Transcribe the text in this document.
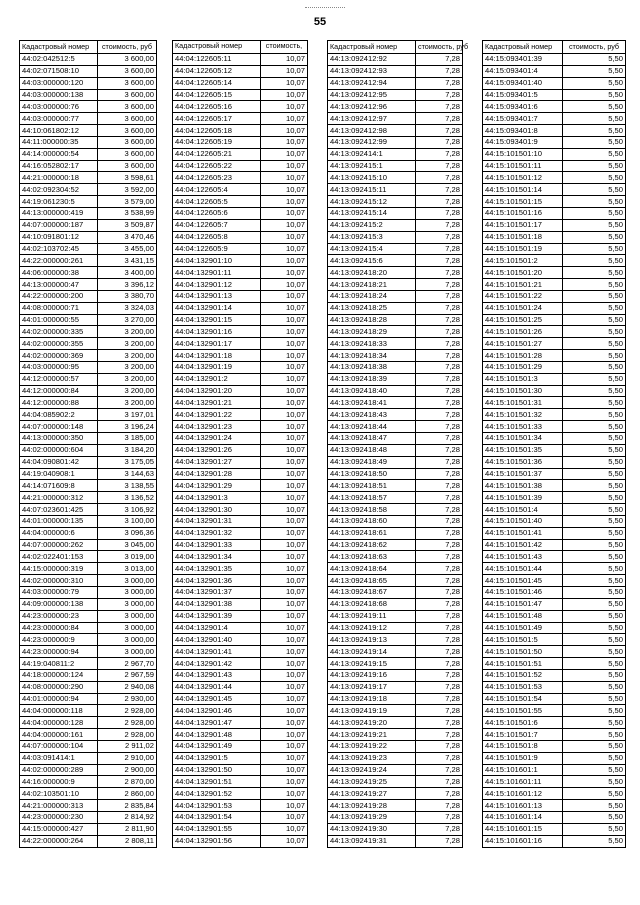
55
Кадастровый номер	стоимость, руб
44:02:042512:5	3 600,00
44:02:071508:10	3 600,00
44:03:000000:120	3 600,00
44:03:000000:138	3 600,00
44:03:000000:76	3 600,00
44:03:000000:77	3 600,00
44:10:061802:12	3 600,00
44:11:000000:35	3 600,00
44:14:000000:54	3 600,00
44:16:052802:17	3 600,00
44:21:000000:18	3 598,61
44:02:092304:52	3 592,00
44:19:061230:5	3 579,00
44:13:000000:419	3 538,99
44:07:000000:187	3 509,87
44:10:091801:12	3 470,46
44:02:103702:45	3 455,00
44:22:000000:261	3 431,15
44:06:000000:38	3 400,00
44:13:000000:47	3 396,12
44:22:000000:200	3 380,70
44:08:000000:71	3 324,03
44:01:000000:55	3 270,00
44:02:000000:335	3 200,00
44:02:000000:355	3 200,00
44:02:000000:369	3 200,00
44:03:000000:95	3 200,00
44:12:000000:57	3 200,00
44:12:000000:84	3 200,00
44:12:000000:88	3 200,00
44:04:085902:2	3 197,01
44:07:000000:148	3 196,24
44:13:000000:350	3 185,00
44:02:000000:604	3 184,20
44:04:090801:42	3 175,05
44:19:040908:1	3 144,63
44:14:071609:8	3 138,55
44:21:000000:312	3 136,52
44:07:023601:425	3 106,92
44:01:000000:135	3 100,00
44:04:000000:6	3 096,36
44:07:000000:262	3 045,00
44:02:022401:153	3 019,00
44:15:000000:319	3 013,00
44:02:000000:310	3 000,00
44:03:000000:79	3 000,00
44:09:000000:138	3 000,00
44:23:000000:23	3 000,00
44:23:000000:84	3 000,00
44:23:000000:9	3 000,00
44:23:000000:94	3 000,00
44:19:040811:2	2 967,70
44:18:000000:124	2 967,59
44:08:000000:290	2 940,08
44:01:000000:94	2 930,00
44:04:000000:118	2 928,00
44:04:000000:128	2 928,00
44:04:000000:161	2 928,00
44:07:000000:104	2 911,02
44:03:091414:1	2 910,00
44:02:000000:289	2 900,00
44:16:000000:9	2 870,00
44:02:103501:10	2 860,00
44:21:000000:313	2 835,84
44:23:000000:230	2 814,92
44:15:000000:427	2 811,90
44:22:000000:264	2 808,11
Кадастровый номер	стоимость,
44:04:122605:11	10,07
44:04:122605:12	10,07
44:04:122605:14	10,07
44:04:122605:15	10,07
44:04:122605:16	10,07
44:04:122605:17	10,07
44:04:122605:18	10,07
44:04:122605:19	10,07
44:04:122605:21	10,07
44:04:122605:22	10,07
44:04:122605:23	10,07
44:04:122605:4	10,07
44:04:122605:5	10,07
44:04:122605:6	10,07
44:04:122605:7	10,07
44:04:122605:8	10,07
44:04:122605:9	10,07
44:04:132901:10	10,07
44:04:132901:11	10,07
44:04:132901:12	10,07
44:04:132901:13	10,07
44:04:132901:14	10,07
44:04:132901:15	10,07
44:04:132901:16	10,07
44:04:132901:17	10,07
44:04:132901:18	10,07
44:04:132901:19	10,07
44:04:132901:2	10,07
44:04:132901:20	10,07
44:04:132901:21	10,07
44:04:132901:22	10,07
44:04:132901:23	10,07
44:04:132901:24	10,07
44:04:132901:26	10,07
44:04:132901:27	10,07
44:04:132901:28	10,07
44:04:132901:29	10,07
44:04:132901:3	10,07
44:04:132901:30	10,07
44:04:132901:31	10,07
44:04:132901:32	10,07
44:04:132901:33	10,07
44:04:132901:34	10,07
44:04:132901:35	10,07
44:04:132901:36	10,07
44:04:132901:37	10,07
44:04:132901:38	10,07
44:04:132901:39	10,07
44:04:132901:4	10,07
44:04:132901:40	10,07
44:04:132901:41	10,07
44:04:132901:42	10,07
44:04:132901:43	10,07
44:04:132901:44	10,07
44:04:132901:45	10,07
44:04:132901:46	10,07
44:04:132901:47	10,07
44:04:132901:48	10,07
44:04:132901:49	10,07
44:04:132901:5	10,07
44:04:132901:50	10,07
44:04:132901:51	10,07
44:04:132901:52	10,07
44:04:132901:53	10,07
44:04:132901:54	10,07
44:04:132901:55	10,07
44:04:132901:56	10,07
Кадастровый номер	стоимость, руб
44:13:092412:92	7,28
44:13:092412:93	7,28
44:13:092412:94	7,28
44:13:092412:95	7,28
44:13:092412:96	7,28
44:13:092412:97	7,28
44:13:092412:98	7,28
44:13:092412:99	7,28
44:13:092414:1	7,28
44:13:092415:1	7,28
44:13:092415:10	7,28
44:13:092415:11	7,28
44:13:092415:12	7,28
44:13:092415:14	7,28
44:13:092415:2	7,28
44:13:092415:3	7,28
44:13:092415:4	7,28
44:13:092415:6	7,28
44:13:092418:20	7,28
44:13:092418:21	7,28
44:13:092418:24	7,28
44:13:092418:25	7,28
44:13:092418:28	7,28
44:13:092418:29	7,28
44:13:092418:33	7,28
44:13:092418:34	7,28
44:13:092418:38	7,28
44:13:092418:39	7,28
44:13:092418:40	7,28
44:13:092418:41	7,28
44:13:092418:43	7,28
44:13:092418:44	7,28
44:13:092418:47	7,28
44:13:092418:48	7,28
44:13:092418:49	7,28
44:13:092418:50	7,28
44:13:092418:51	7,28
44:13:092418:57	7,28
44:13:092418:58	7,28
44:13:092418:60	7,28
44:13:092418:61	7,28
44:13:092418:62	7,28
44:13:092418:63	7,28
44:13:092418:64	7,28
44:13:092418:65	7,28
44:13:092418:67	7,28
44:13:092418:68	7,28
44:13:092419:11	7,28
44:13:092419:12	7,28
44:13:092419:13	7,28
44:13:092419:14	7,28
44:13:092419:15	7,28
44:13:092419:16	7,28
44:13:092419:17	7,28
44:13:092419:18	7,28
44:13:092419:19	7,28
44:13:092419:20	7,28
44:13:092419:21	7,28
44:13:092419:22	7,28
44:13:092419:23	7,28
44:13:092419:24	7,28
44:13:092419:25	7,28
44:13:092419:27	7,28
44:13:092419:28	7,28
44:13:092419:29	7,28
44:13:092419:30	7,28
44:13:092419:31	7,28
Кадастровый номер	стоимость, руб
44:15:093401:39	5,50
44:15:093401:4	5,50
44:15:093401:40	5,50
44:15:093401:5	5,50
44:15:093401:6	5,50
44:15:093401:7	5,50
44:15:093401:8	5,50
44:15:093401:9	5,50
44:15:101501:10	5,50
44:15:101501:11	5,50
44:15:101501:12	5,50
44:15:101501:14	5,50
44:15:101501:15	5,50
44:15:101501:16	5,50
44:15:101501:17	5,50
44:15:101501:18	5,50
44:15:101501:19	5,50
44:15:101501:2	5,50
44:15:101501:20	5,50
44:15:101501:21	5,50
44:15:101501:22	5,50
44:15:101501:24	5,50
44:15:101501:25	5,50
44:15:101501:26	5,50
44:15:101501:27	5,50
44:15:101501:28	5,50
44:15:101501:29	5,50
44:15:101501:3	5,50
44:15:101501:30	5,50
44:15:101501:31	5,50
44:15:101501:32	5,50
44:15:101501:33	5,50
44:15:101501:34	5,50
44:15:101501:35	5,50
44:15:101501:36	5,50
44:15:101501:37	5,50
44:15:101501:38	5,50
44:15:101501:39	5,50
44:15:101501:4	5,50
44:15:101501:40	5,50
44:15:101501:41	5,50
44:15:101501:42	5,50
44:15:101501:43	5,50
44:15:101501:44	5,50
44:15:101501:45	5,50
44:15:101501:46	5,50
44:15:101501:47	5,50
44:15:101501:48	5,50
44:15:101501:49	5,50
44:15:101501:5	5,50
44:15:101501:50	5,50
44:15:101501:51	5,50
44:15:101501:52	5,50
44:15:101501:53	5,50
44:15:101501:54	5,50
44:15:101501:55	5,50
44:15:101501:6	5,50
44:15:101501:7	5,50
44:15:101501:8	5,50
44:15:101501:9	5,50
44:15:101601:1	5,50
44:15:101601:11	5,50
44:15:101601:12	5,50
44:15:101601:13	5,50
44:15:101601:14	5,50
44:15:101601:15	5,50
44:15:101601:16	5,50
